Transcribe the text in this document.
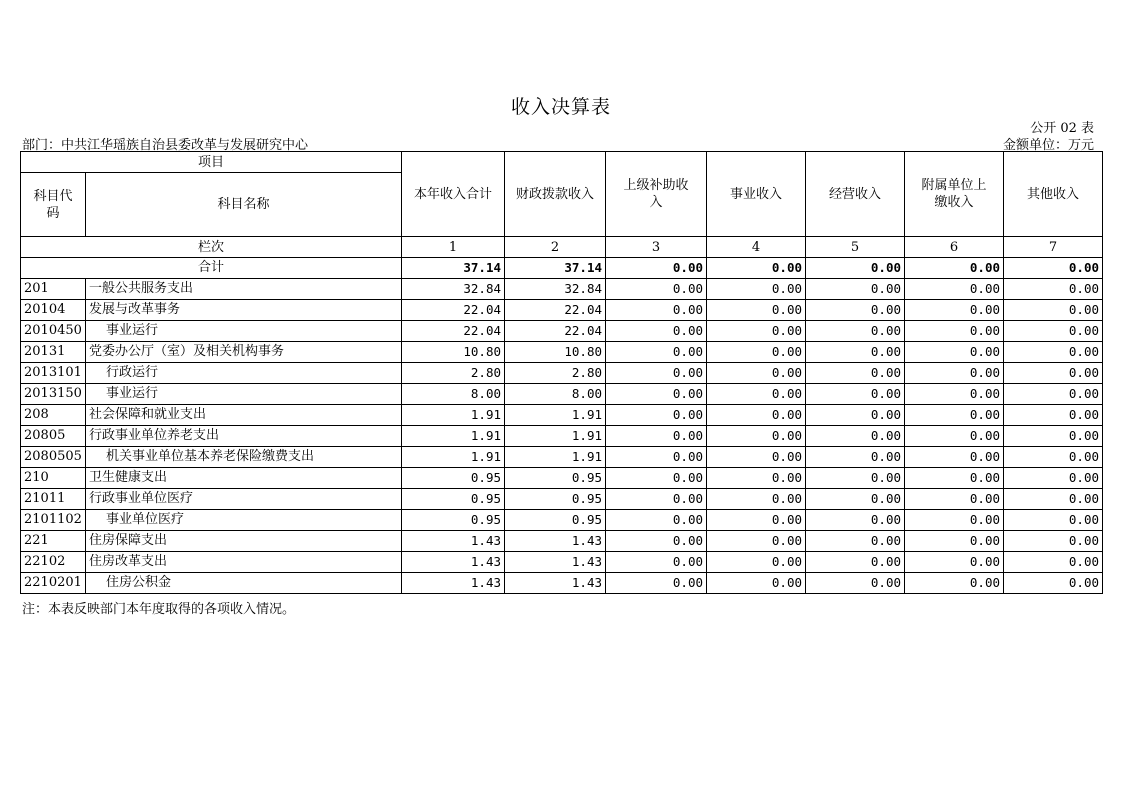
收入决算表
公开 02 表
部门：中共江华瑶族自治县委改革与发展研究中心	金额单位：万元
项目		本年收入合计	财政拨款收入	上级补助收入	事业收入	经营收入	附属单位上缴收入	其他收入
科目代码	科目名称							
栏次		1	2	3	4	5	6	7
合计		37.14	37.14	0.00	0.00	0.00	0.00	0.00
201	一般公共服务支出	32.84	32.84	0.00	0.00	0.00	0.00	0.00
20104	发展与改革事务	22.04	22.04	0.00	0.00	0.00	0.00	0.00
2010450	事业运行	22.04	22.04	0.00	0.00	0.00	0.00	0.00
20131	党委办公厅（室）及相关机构事务	10.80	10.80	0.00	0.00	0.00	0.00	0.00
2013101	行政运行	2.80	2.80	0.00	0.00	0.00	0.00	0.00
2013150	事业运行	8.00	8.00	0.00	0.00	0.00	0.00	0.00
208	社会保障和就业支出	1.91	1.91	0.00	0.00	0.00	0.00	0.00
20805	行政事业单位养老支出	1.91	1.91	0.00	0.00	0.00	0.00	0.00
2080505	机关事业单位基本养老保险缴费支出	1.91	1.91	0.00	0.00	0.00	0.00	0.00
210	卫生健康支出	0.95	0.95	0.00	0.00	0.00	0.00	0.00
21011	行政事业单位医疗	0.95	0.95	0.00	0.00	0.00	0.00	0.00
2101102	事业单位医疗	0.95	0.95	0.00	0.00	0.00	0.00	0.00
221	住房保障支出	1.43	1.43	0.00	0.00	0.00	0.00	0.00
22102	住房改革支出	1.43	1.43	0.00	0.00	0.00	0.00	0.00
2210201	住房公积金	1.43	1.43	0.00	0.00	0.00	0.00	0.00
注：本表反映部门本年度取得的各项收入情况。
